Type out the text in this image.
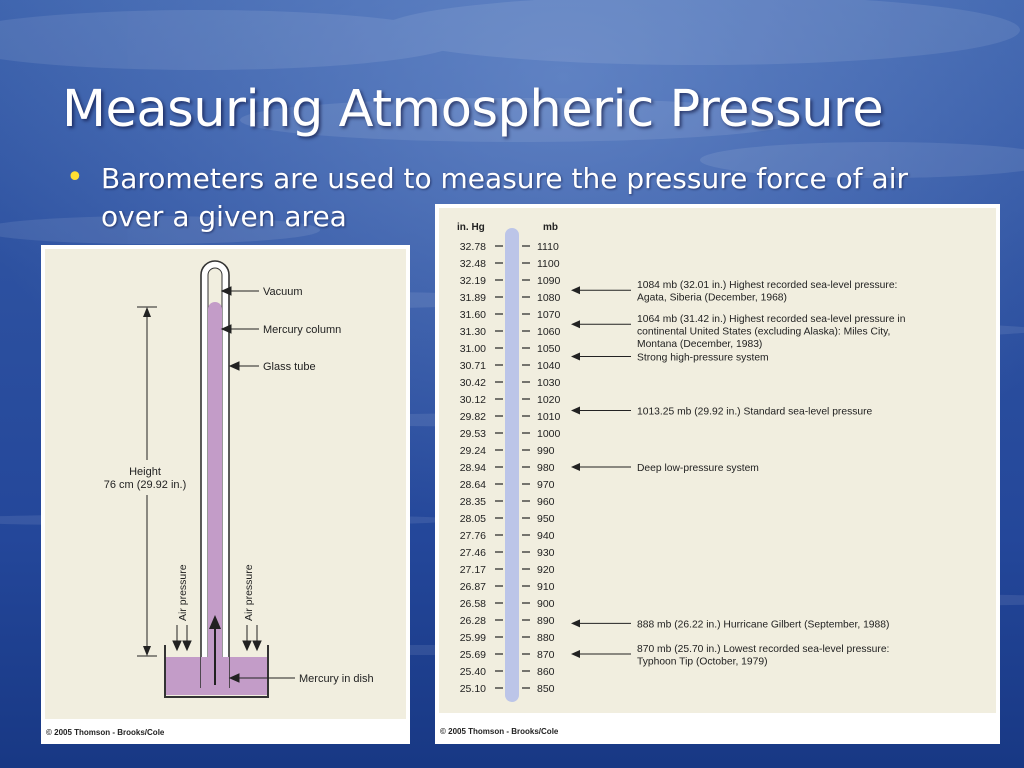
Measuring Atmospheric Pressure
• Barometers are used to measure the pressure force of air over a given area
Height
76 cm (29.92 in.)
Air pressure	Air pressure
Vacuum
Mercury column
Glass tube
Mercury in dish
© 2005 Thomson - Brooks/Cole
in. Hg	mb
32.78	1110
32.48	1100
32.19	1090
31.89	1080
31.60	1070
31.30	1060
31.00	1050
30.71	1040
30.42	1030
30.12	1020
29.82	1010
29.53	1000
29.24	990
28.94	980
28.64	970
28.35	960
28.05	950
27.76	940
27.46	930
27.17	920
26.87	910
26.58	900
26.28	890
25.99	880
25.69	870
25.40	860
25.10	850
1084 mb (32.01 in.) Highest recorded sea-level pressure:
Agata, Siberia (December, 1968)
1064 mb (31.42 in.) Highest recorded sea-level pressure in
continental United States (excluding Alaska): Miles City,
Montana (December, 1983)
Strong high-pressure system
1013.25 mb (29.92 in.) Standard sea-level pressure
Deep low-pressure system
888 mb (26.22 in.) Hurricane Gilbert (September, 1988)
870 mb (25.70 in.) Lowest recorded sea-level pressure:
Typhoon Tip (October, 1979)
© 2005 Thomson - Brooks/Cole
